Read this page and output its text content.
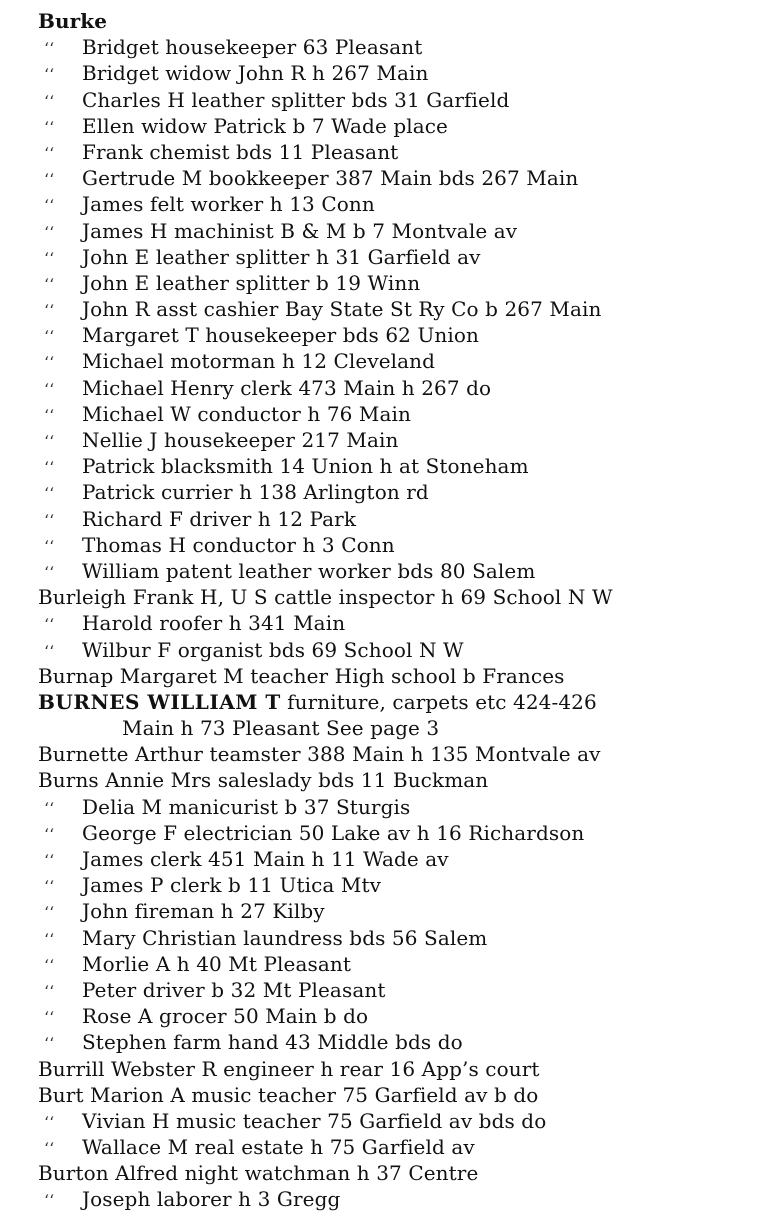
Burke
‘‘ Bridget housekeeper 63 Pleasant
‘‘ Bridget widow John R h 267 Main
‘‘ Charles H leather splitter bds 31 Garfield
‘‘ Ellen widow Patrick b 7 Wade place
‘‘ Frank chemist bds 11 Pleasant
‘‘ Gertrude M bookkeeper 387 Main bds 267 Main
‘‘ James felt worker h 13 Conn
‘‘ James H machinist B & M b 7 Montvale av
‘‘ John E leather splitter h 31 Garfield av
‘‘ John E leather splitter b 19 Winn
‘‘ John R asst cashier Bay State St Ry Co b 267 Main
‘‘ Margaret T housekeeper bds 62 Union
‘‘ Michael motorman h 12 Cleveland
‘‘ Michael Henry clerk 473 Main h 267 do
‘‘ Michael W conductor h 76 Main
‘‘ Nellie J housekeeper 217 Main
‘‘ Patrick blacksmith 14 Union h at Stoneham
‘‘ Patrick currier h 138 Arlington rd
‘‘ Richard F driver h 12 Park
‘‘ Thomas H conductor h 3 Conn
‘‘ William patent leather worker bds 80 Salem
Burleigh Frank H, U S cattle inspector h 69 School N W
‘‘ Harold roofer h 341 Main
‘‘ Wilbur F organist bds 69 School N W
Burnap Margaret M teacher High school b Frances
BURNES WILLIAM T furniture, carpets etc 424-426
Main h 73 Pleasant See page 3
Burnette Arthur teamster 388 Main h 135 Montvale av
Burns Annie Mrs saleslady bds 11 Buckman
‘‘ Delia M manicurist b 37 Sturgis
‘‘ George F electrician 50 Lake av h 16 Richardson
‘‘ James clerk 451 Main h 11 Wade av
‘‘ James P clerk b 11 Utica Mtv
‘‘ John fireman h 27 Kilby
‘‘ Mary Christian laundress bds 56 Salem
‘‘ Morlie A h 40 Mt Pleasant
‘‘ Peter driver b 32 Mt Pleasant
‘‘ Rose A grocer 50 Main b do
‘‘ Stephen farm hand 43 Middle bds do
Burrill Webster R engineer h rear 16 App’s court
Burt Marion A music teacher 75 Garfield av b do
‘‘ Vivian H music teacher 75 Garfield av bds do
‘‘ Wallace M real estate h 75 Garfield av
Burton Alfred night watchman h 37 Centre
‘‘ Joseph laborer h 3 Gregg
